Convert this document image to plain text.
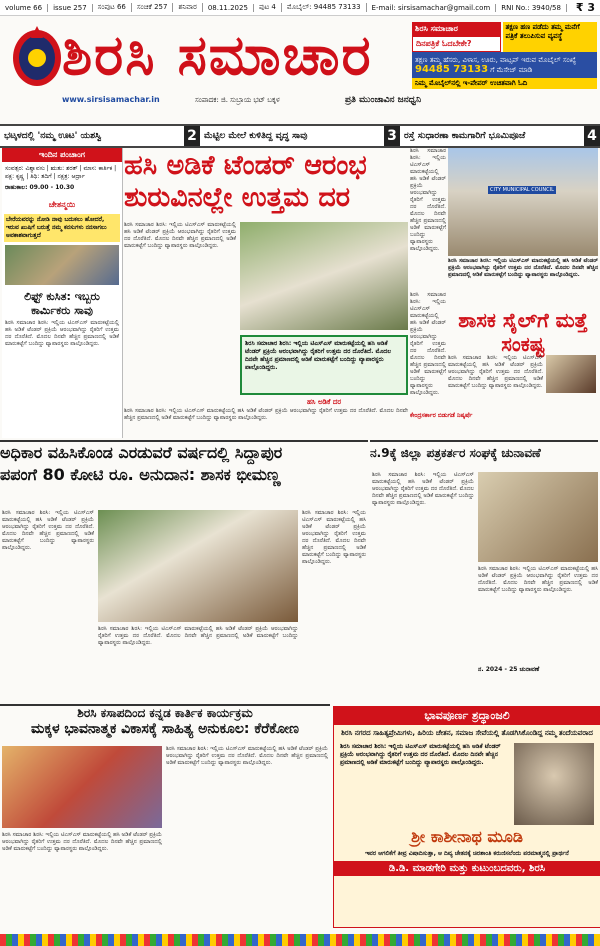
volume 66	issue 257	ಸಂಪುಟ 66	ಸಂಚಿಕೆ 257	ಶನಿವಾರ	08.11.2025	ಪುಟ 4	ಮೊಬೈಲ್: 94485 73133	E-mail: sirsisamachar@gmail.com	RNI No.: 3940/58	₹ 3
ಶಿರಸಿ ಸಮಾಚಾರ
www.sirsisamachar.in	ಸಂಪಾದಕ: ಜಿ. ಸುಬ್ರಾಯ ಭಟ್ ಬಕ್ಕಳ	ಪ್ರತಿ ಮುಂಜಾವಿನ ಜನಧ್ವನಿ
ಶಿರಸಿ ಸಮಾಚಾರ
ದಿನಪತ್ರಿಕೆ ಓದಬೇಕೇ?
ತಕ್ಷಣ ಹಣ ಪಡೆದು ತಮ್ಮ ಮನೆಗೆ ಪತ್ರಿಕೆ ತಲುಪಿಸುವ ವ್ಯವಸ್ಥೆ
ತಕ್ಷಣ ತಮ್ಮ ಹೆಸರು, ವಿಳಾಸ, ಊರು, ವಾಟ್ಸಪ್ ಇರುವ ಮೊಬೈಲ್ ಸಂಖ್ಯೆ 94485 73133 ಗೆ ಮೆಸೇಜ್ ಮಾಡಿ
ನಿಮ್ಮ ಮೊಬೈಲ್‌ನಲ್ಲಿ ಇ-ಪೇಪರ್ ಉಚಿತವಾಗಿ ಓದಿ
ಭಟ್ಕಳದಲ್ಲಿ 'ನಮ್ಮ ಊಟ' ಯಶಸ್ವಿ	2 ಮೆಟ್ಟಿಲ ಮೇಲೆ ಕುಳಿತಿದ್ದ ವೃದ್ಧ ಸಾವು	3 ರಸ್ತೆ ಸುಧಾರಣಾ ಕಾಮಗಾರಿಗೆ ಭೂಮಿಪೂಜೆ	4
ಇಂದಿನ ಪಂಚಾಂಗ
ಸಂವತ್ಸರ: ವಿಶ್ವಾವಸು | ಋತು: ಶರತ್ | ಮಾಸ: ಕಾರ್ತಿಕ | ಪಕ್ಷ: ಕೃಷ್ಣ | ತಿಥಿ: ತದಿಗೆ | ನಕ್ಷತ್ರ: ಆರ್ದ್ರಾ
ರಾಹುಕಾಲ: 09.00 - 10.30
ಚೇತನ್ಮಯಿ
ಬೇರೆಯವರನ್ನು ನೋಡಿ ನಾವು ಬದುಕಲು ಹೋದರೆ, ಇರುವ ಖುಷಿಗೆ ಬರುತ್ತೆ ನಮ್ಮ ಕನಸುಗಳು ನನಸಾಗಲು ಅವಕಾಶವಾಗುತ್ತದೆ
ಲಿಫ್ಟ್ ಕುಸಿತ: ಇಬ್ಬರು ಕಾರ್ಮಿಕರು ಸಾವು
ಶಿರಸಿ ಸಮಾಚಾರ ಶಿರಸಿ: ಇಲ್ಲಿಯ ಟಿಎಸ್ಎಸ್ ಮಾರುಕಟ್ಟೆಯಲ್ಲಿ ಹಸಿ ಅಡಿಕೆ ಟೆಂಡರ್ ಪ್ರಕ್ರಿಯೆ ಆರಂಭವಾಗಿದ್ದು ರೈತರಿಗೆ ಉತ್ತಮ ದರ ದೊರೆತಿದೆ. ಮೊದಲ ದಿನವೇ ಹೆಚ್ಚಿನ ಪ್ರಮಾಣದಲ್ಲಿ ಅಡಿಕೆ ಮಾರುಕಟ್ಟೆಗೆ ಬಂದಿದ್ದು ವ್ಯಾಪಾರಸ್ಥರು ಪಾಲ್ಗೊಂಡಿದ್ದರು.
ಹಸಿ ಅಡಿಕೆ ಟೆಂಡರ್ ಆರಂಭ
ಶುರುವಿನಲ್ಲೇ ಉತ್ತಮ ದರ
ಶಿರಸಿ ಸಮಾಚಾರ ಶಿರಸಿ: ಇಲ್ಲಿಯ ಟಿಎಸ್ಎಸ್ ಮಾರುಕಟ್ಟೆಯಲ್ಲಿ ಹಸಿ ಅಡಿಕೆ ಟೆಂಡರ್ ಪ್ರಕ್ರಿಯೆ ಆರಂಭವಾಗಿದ್ದು ರೈತರಿಗೆ ಉತ್ತಮ ದರ ದೊರೆತಿದೆ. ಮೊದಲ ದಿನವೇ ಹೆಚ್ಚಿನ ಪ್ರಮಾಣದಲ್ಲಿ ಅಡಿಕೆ ಮಾರುಕಟ್ಟೆಗೆ ಬಂದಿದ್ದು ವ್ಯಾಪಾರಸ್ಥರು ಪಾಲ್ಗೊಂಡಿದ್ದರು.
ಶಿರಸಿ ಸಮಾಚಾರ ಶಿರಸಿ: ಇಲ್ಲಿಯ ಟಿಎಸ್ಎಸ್ ಮಾರುಕಟ್ಟೆಯಲ್ಲಿ ಹಸಿ ಅಡಿಕೆ ಟೆಂಡರ್ ಪ್ರಕ್ರಿಯೆ ಆರಂಭವಾಗಿದ್ದು ರೈತರಿಗೆ ಉತ್ತಮ ದರ ದೊರೆತಿದೆ. ಮೊದಲ ದಿನವೇ ಹೆಚ್ಚಿನ ಪ್ರಮಾಣದಲ್ಲಿ ಅಡಿಕೆ ಮಾರುಕಟ್ಟೆಗೆ ಬಂದಿದ್ದು ವ್ಯಾಪಾರಸ್ಥರು ಪಾಲ್ಗೊಂಡಿದ್ದರು.
ಹಸಿ ಅಡಿಕೆ ದರ
ಶಿರಸಿ ಸಮಾಚಾರ ಶಿರಸಿ: ಇಲ್ಲಿಯ ಟಿಎಸ್ಎಸ್ ಮಾರುಕಟ್ಟೆಯಲ್ಲಿ ಹಸಿ ಅಡಿಕೆ ಟೆಂಡರ್ ಪ್ರಕ್ರಿಯೆ ಆರಂಭವಾಗಿದ್ದು ರೈತರಿಗೆ ಉತ್ತಮ ದರ ದೊರೆತಿದೆ. ಮೊದಲ ದಿನವೇ ಹೆಚ್ಚಿನ ಪ್ರಮಾಣದಲ್ಲಿ ಅಡಿಕೆ ಮಾರುಕಟ್ಟೆಗೆ ಬಂದಿದ್ದು ವ್ಯಾಪಾರಸ್ಥರು ಪಾಲ್ಗೊಂಡಿದ್ದರು.
ಶಿರಸಿ ಸಮಾಚಾರ ಶಿರಸಿ: ಇಲ್ಲಿಯ ಟಿಎಸ್ಎಸ್ ಮಾರುಕಟ್ಟೆಯಲ್ಲಿ ಹಸಿ ಅಡಿಕೆ ಟೆಂಡರ್ ಪ್ರಕ್ರಿಯೆ ಆರಂಭವಾಗಿದ್ದು ರೈತರಿಗೆ ಉತ್ತಮ ದರ ದೊರೆತಿದೆ. ಮೊದಲ ದಿನವೇ ಹೆಚ್ಚಿನ ಪ್ರಮಾಣದಲ್ಲಿ ಅಡಿಕೆ ಮಾರುಕಟ್ಟೆಗೆ ಬಂದಿದ್ದು ವ್ಯಾಪಾರಸ್ಥರು ಪಾಲ್ಗೊಂಡಿದ್ದರು.
CITY MUNICIPAL COUNCIL
ಶಿರಸಿ ಸಮಾಚಾರ ಶಿರಸಿ: ಇಲ್ಲಿಯ ಟಿಎಸ್ಎಸ್ ಮಾರುಕಟ್ಟೆಯಲ್ಲಿ ಹಸಿ ಅಡಿಕೆ ಟೆಂಡರ್ ಪ್ರಕ್ರಿಯೆ ಆರಂಭವಾಗಿದ್ದು ರೈತರಿಗೆ ಉತ್ತಮ ದರ ದೊರೆತಿದೆ. ಮೊದಲ ದಿನವೇ ಹೆಚ್ಚಿನ ಪ್ರಮಾಣದಲ್ಲಿ ಅಡಿಕೆ ಮಾರುಕಟ್ಟೆಗೆ ಬಂದಿದ್ದು ವ್ಯಾಪಾರಸ್ಥರು ಪಾಲ್ಗೊಂಡಿದ್ದರು.
ಶಾಸಕ ಸೈಲ್‌ಗೆ ಮತ್ತೆ ಸಂಕಷ್ಟ
ಶಿರಸಿ ಸಮಾಚಾರ ಶಿರಸಿ: ಇಲ್ಲಿಯ ಟಿಎಸ್ಎಸ್ ಮಾರುಕಟ್ಟೆಯಲ್ಲಿ ಹಸಿ ಅಡಿಕೆ ಟೆಂಡರ್ ಪ್ರಕ್ರಿಯೆ ಆರಂಭವಾಗಿದ್ದು ರೈತರಿಗೆ ಉತ್ತಮ ದರ ದೊರೆತಿದೆ. ಮೊದಲ ದಿನವೇ ಹೆಚ್ಚಿನ ಪ್ರಮಾಣದಲ್ಲಿ ಅಡಿಕೆ ಮಾರುಕಟ್ಟೆಗೆ ಬಂದಿದ್ದು ವ್ಯಾಪಾರಸ್ಥರು ಪಾಲ್ಗೊಂಡಿದ್ದರು.
ಶಿರಸಿ ಸಮಾಚಾರ ಶಿರಸಿ: ಇಲ್ಲಿಯ ಟಿಎಸ್ಎಸ್ ಮಾರುಕಟ್ಟೆಯಲ್ಲಿ ಹಸಿ ಅಡಿಕೆ ಟೆಂಡರ್ ಪ್ರಕ್ರಿಯೆ ಆರಂಭವಾಗಿದ್ದು ರೈತರಿಗೆ ಉತ್ತಮ ದರ ದೊರೆತಿದೆ. ಮೊದಲ ದಿನವೇ ಹೆಚ್ಚಿನ ಪ್ರಮಾಣದಲ್ಲಿ ಅಡಿಕೆ ಮಾರುಕಟ್ಟೆಗೆ ಬಂದಿದ್ದು ವ್ಯಾಪಾರಸ್ಥರು ಪಾಲ್ಗೊಂಡಿದ್ದರು.
ಕೇಂದ್ರಸರ್ಕಾರ ಬಿಡುಗಡೆ ನಿಷ್ಕರ್ಷೆ
ಅಧಿಕಾರ ವಹಿಸಿಕೊಂಡ ಎರಡುವರೆ ವರ್ಷದಲ್ಲಿ ಸಿದ್ದಾಪುರ
ಪಪಂಗೆ 80 ಕೋಟಿ ರೂ. ಅನುದಾನ: ಶಾಸಕ ಭೀಮಣ್ಣ
ಶಿರಸಿ ಸಮಾಚಾರ ಶಿರಸಿ: ಇಲ್ಲಿಯ ಟಿಎಸ್ಎಸ್ ಮಾರುಕಟ್ಟೆಯಲ್ಲಿ ಹಸಿ ಅಡಿಕೆ ಟೆಂಡರ್ ಪ್ರಕ್ರಿಯೆ ಆರಂಭವಾಗಿದ್ದು ರೈತರಿಗೆ ಉತ್ತಮ ದರ ದೊರೆತಿದೆ. ಮೊದಲ ದಿನವೇ ಹೆಚ್ಚಿನ ಪ್ರಮಾಣದಲ್ಲಿ ಅಡಿಕೆ ಮಾರುಕಟ್ಟೆಗೆ ಬಂದಿದ್ದು ವ್ಯಾಪಾರಸ್ಥರು ಪಾಲ್ಗೊಂಡಿದ್ದರು.
ಶಿರಸಿ ಸಮಾಚಾರ ಶಿರಸಿ: ಇಲ್ಲಿಯ ಟಿಎಸ್ಎಸ್ ಮಾರುಕಟ್ಟೆಯಲ್ಲಿ ಹಸಿ ಅಡಿಕೆ ಟೆಂಡರ್ ಪ್ರಕ್ರಿಯೆ ಆರಂಭವಾಗಿದ್ದು ರೈತರಿಗೆ ಉತ್ತಮ ದರ ದೊರೆತಿದೆ. ಮೊದಲ ದಿನವೇ ಹೆಚ್ಚಿನ ಪ್ರಮಾಣದಲ್ಲಿ ಅಡಿಕೆ ಮಾರುಕಟ್ಟೆಗೆ ಬಂದಿದ್ದು ವ್ಯಾಪಾರಸ್ಥರು ಪಾಲ್ಗೊಂಡಿದ್ದರು.
ಶಿರಸಿ ಸಮಾಚಾರ ಶಿರಸಿ: ಇಲ್ಲಿಯ ಟಿಎಸ್ಎಸ್ ಮಾರುಕಟ್ಟೆಯಲ್ಲಿ ಹಸಿ ಅಡಿಕೆ ಟೆಂಡರ್ ಪ್ರಕ್ರಿಯೆ ಆರಂಭವಾಗಿದ್ದು ರೈತರಿಗೆ ಉತ್ತಮ ದರ ದೊರೆತಿದೆ. ಮೊದಲ ದಿನವೇ ಹೆಚ್ಚಿನ ಪ್ರಮಾಣದಲ್ಲಿ ಅಡಿಕೆ ಮಾರುಕಟ್ಟೆಗೆ ಬಂದಿದ್ದು ವ್ಯಾಪಾರಸ್ಥರು ಪಾಲ್ಗೊಂಡಿದ್ದರು.
ನ.9ಕ್ಕೆ ಜಿಲ್ಲಾ ಪತ್ರಕರ್ತರ ಸಂಘಕ್ಕೆ ಚುನಾವಣೆ
ಶಿರಸಿ ಸಮಾಚಾರ ಶಿರಸಿ: ಇಲ್ಲಿಯ ಟಿಎಸ್ಎಸ್ ಮಾರುಕಟ್ಟೆಯಲ್ಲಿ ಹಸಿ ಅಡಿಕೆ ಟೆಂಡರ್ ಪ್ರಕ್ರಿಯೆ ಆರಂಭವಾಗಿದ್ದು ರೈತರಿಗೆ ಉತ್ತಮ ದರ ದೊರೆತಿದೆ. ಮೊದಲ ದಿನವೇ ಹೆಚ್ಚಿನ ಪ್ರಮಾಣದಲ್ಲಿ ಅಡಿಕೆ ಮಾರುಕಟ್ಟೆಗೆ ಬಂದಿದ್ದು ವ್ಯಾಪಾರಸ್ಥರು ಪಾಲ್ಗೊಂಡಿದ್ದರು.
ಶಿರಸಿ ಸಮಾಚಾರ ಶಿರಸಿ: ಇಲ್ಲಿಯ ಟಿಎಸ್ಎಸ್ ಮಾರುಕಟ್ಟೆಯಲ್ಲಿ ಹಸಿ ಅಡಿಕೆ ಟೆಂಡರ್ ಪ್ರಕ್ರಿಯೆ ಆರಂಭವಾಗಿದ್ದು ರೈತರಿಗೆ ಉತ್ತಮ ದರ ದೊರೆತಿದೆ. ಮೊದಲ ದಿನವೇ ಹೆಚ್ಚಿನ ಪ್ರಮಾಣದಲ್ಲಿ ಅಡಿಕೆ ಮಾರುಕಟ್ಟೆಗೆ ಬಂದಿದ್ದು ವ್ಯಾಪಾರಸ್ಥರು ಪಾಲ್ಗೊಂಡಿದ್ದರು.
ನ. 2024 - 25 ಚುನಾವಣೆ
ಶಿರಸಿ ಕಸಾಪದಿಂದ ಕನ್ನಡ ಕಾರ್ತಿಕ ಕಾರ್ಯಕ್ರಮ
ಮಕ್ಕಳ ಭಾವನಾತ್ಮಕ ವಿಕಾಸಕ್ಕೆ ಸಾಹಿತ್ಯ ಅನುಕೂಲ: ಕೆರೆಕೋಣ
ಶಿರಸಿ ಸಮಾಚಾರ ಶಿರಸಿ: ಇಲ್ಲಿಯ ಟಿಎಸ್ಎಸ್ ಮಾರುಕಟ್ಟೆಯಲ್ಲಿ ಹಸಿ ಅಡಿಕೆ ಟೆಂಡರ್ ಪ್ರಕ್ರಿಯೆ ಆರಂಭವಾಗಿದ್ದು ರೈತರಿಗೆ ಉತ್ತಮ ದರ ದೊರೆತಿದೆ. ಮೊದಲ ದಿನವೇ ಹೆಚ್ಚಿನ ಪ್ರಮಾಣದಲ್ಲಿ ಅಡಿಕೆ ಮಾರುಕಟ್ಟೆಗೆ ಬಂದಿದ್ದು ವ್ಯಾಪಾರಸ್ಥರು ಪಾಲ್ಗೊಂಡಿದ್ದರು.
ಶಿರಸಿ ಸಮಾಚಾರ ಶಿರಸಿ: ಇಲ್ಲಿಯ ಟಿಎಸ್ಎಸ್ ಮಾರುಕಟ್ಟೆಯಲ್ಲಿ ಹಸಿ ಅಡಿಕೆ ಟೆಂಡರ್ ಪ್ರಕ್ರಿಯೆ ಆರಂಭವಾಗಿದ್ದು ರೈತರಿಗೆ ಉತ್ತಮ ದರ ದೊರೆತಿದೆ. ಮೊದಲ ದಿನವೇ ಹೆಚ್ಚಿನ ಪ್ರಮಾಣದಲ್ಲಿ ಅಡಿಕೆ ಮಾರುಕಟ್ಟೆಗೆ ಬಂದಿದ್ದು ವ್ಯಾಪಾರಸ್ಥರು ಪಾಲ್ಗೊಂಡಿದ್ದರು.
ಭಾವಪೂರ್ಣ ಶ್ರದ್ಧಾಂಜಲಿ
ಶಿರಸಿ ನಗರದ ಸಾಹಿತ್ಯಪ್ರೇಮಿಗಳು, ಹಿರಿಯ ಚೇತನ, ಸಮಾಜ ಸೇವೆಯಲ್ಲಿ ತೊಡಗಿಸಿಕೊಂಡಿದ್ದ ನಮ್ಮ ತಂದೆಯವರಾದ
ಶಿರಸಿ ಸಮಾಚಾರ ಶಿರಸಿ: ಇಲ್ಲಿಯ ಟಿಎಸ್ಎಸ್ ಮಾರುಕಟ್ಟೆಯಲ್ಲಿ ಹಸಿ ಅಡಿಕೆ ಟೆಂಡರ್ ಪ್ರಕ್ರಿಯೆ ಆರಂಭವಾಗಿದ್ದು ರೈತರಿಗೆ ಉತ್ತಮ ದರ ದೊರೆತಿದೆ. ಮೊದಲ ದಿನವೇ ಹೆಚ್ಚಿನ ಪ್ರಮಾಣದಲ್ಲಿ ಅಡಿಕೆ ಮಾರುಕಟ್ಟೆಗೆ ಬಂದಿದ್ದು ವ್ಯಾಪಾರಸ್ಥರು ಪಾಲ್ಗೊಂಡಿದ್ದರು.
ಶ್ರೀ ಕಾಶೀನಾಥ ಮೂಡಿ
ಇವರ ಆಗಲಿಕೆಗೆ ತೀವ್ರ ವಿಷಾದಿಸುತ್ತಾ, ಆ ದಿವ್ಯ ಚೇತನಕ್ಕೆ ಚಿರಶಾಂತಿ ಕರುಣಿಸಲೆಂದು ಪರಮಾತ್ಮನಲ್ಲಿ ಪ್ರಾರ್ಥನೆ
ಡಿ.ಡಿ. ಮಾಡಗೇರಿ ಮತ್ತು ಕುಟುಂಬದವರು, ಶಿರಸಿ
